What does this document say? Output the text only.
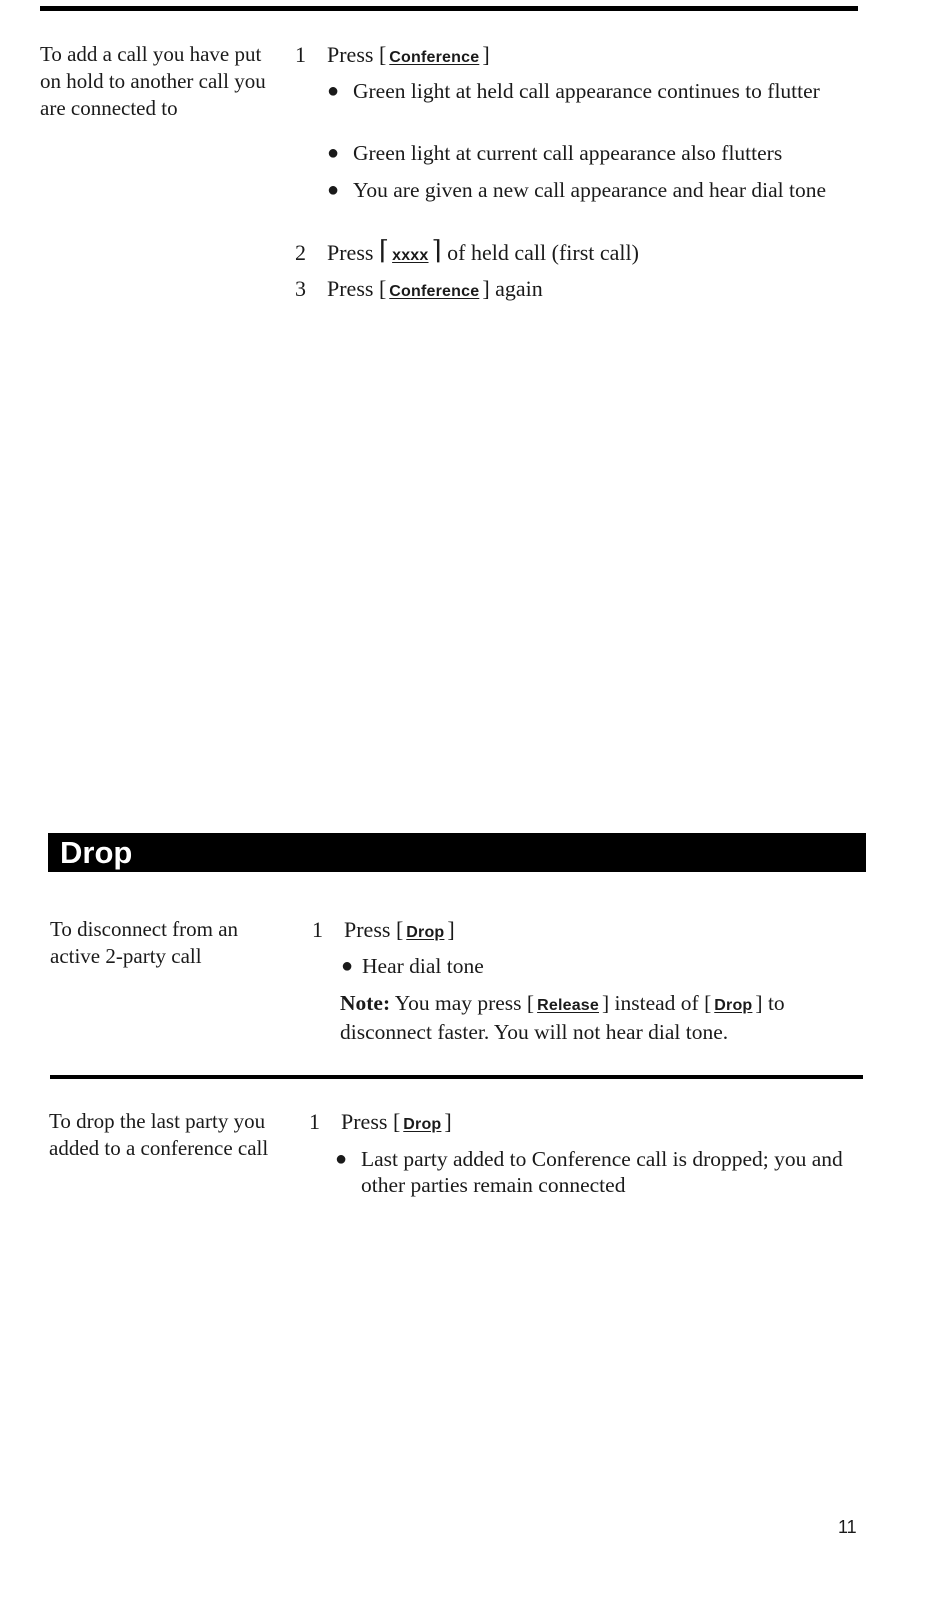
To add a call you have put on hold to another call you are connected to
1 Press [ Conference ]
● Green light at held call appearance continues to flutter
● Green light at current call appearance also flutters
● You are given a new call appearance and hear dial tone
2 Press ⌈ xxxx ⌉ of held call (first call)
3 Press [ Conference ] again
Drop
To disconnect from an active 2-party call
1 Press [ Drop ]
● Hear dial tone
Note: You may press [ Release ] instead of [ Drop ] to
disconnect faster. You will not hear dial tone.
To drop the last party you added to a conference call
1 Press [ Drop ]
● Last party added to Conference call is dropped; you and other parties remain connected
11
